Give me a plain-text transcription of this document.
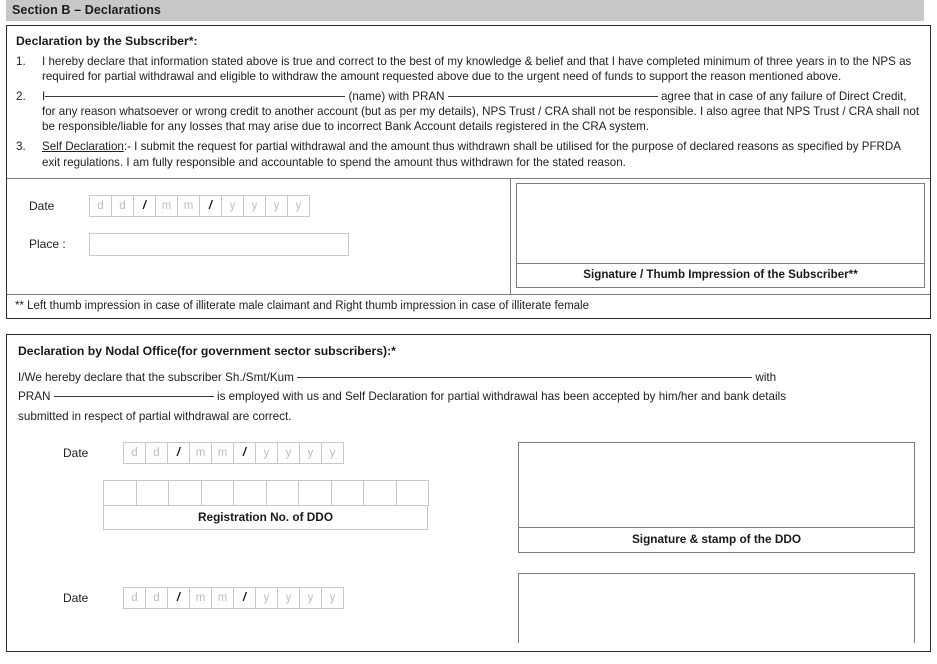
Section B – Declarations
Declaration by the Subscriber*:
1.	I hereby declare that information stated above is true and correct to the best of my knowledge & belief and that I have completed minimum of three years in to the NPS as required for partial withdrawal and eligible to withdraw the amount requested above due to the urgent need of funds to support the reason mentioned above.
2.	I	(name) with PRAN	agree that in case of any failure of Direct Credit, for any reason whatsoever or wrong credit to another account (but as per my details), NPS Trust / CRA shall not be responsible. I also agree that NPS Trust / CRA shall not be responsible/liable for any losses that may arise due to incorrect Bank Account details registered in the CRA system.
3.	Self Declaration:- I submit the request for partial withdrawal and the amount thus withdrawn shall be utilised for the purpose of declared reasons as specified by PFRDA exit regulations. I am fully responsible and accountable to spend the amount thus withdrawn for the stated reason.
Date	d	d	/	m	m	/	y	y	y	y
Place :
Signature / Thumb Impression of the Subscriber**
** Left thumb impression in case of illiterate male claimant and Right thumb impression in case of illiterate female
Declaration by Nodal Office(for government sector subscribers):*
I/We hereby declare that the subscriber Sh./Smt/Kum	with
PRAN	is employed with us and Self Declaration for partial withdrawal has been accepted by him/her and bank details
submitted in respect of partial withdrawal are correct.
Date	d	d	/	m	m	/	y	y	y	y
Registration No. of DDO
Signature & stamp of the DDO
Date	d	d	/	m	m	/	y	y	y	y
